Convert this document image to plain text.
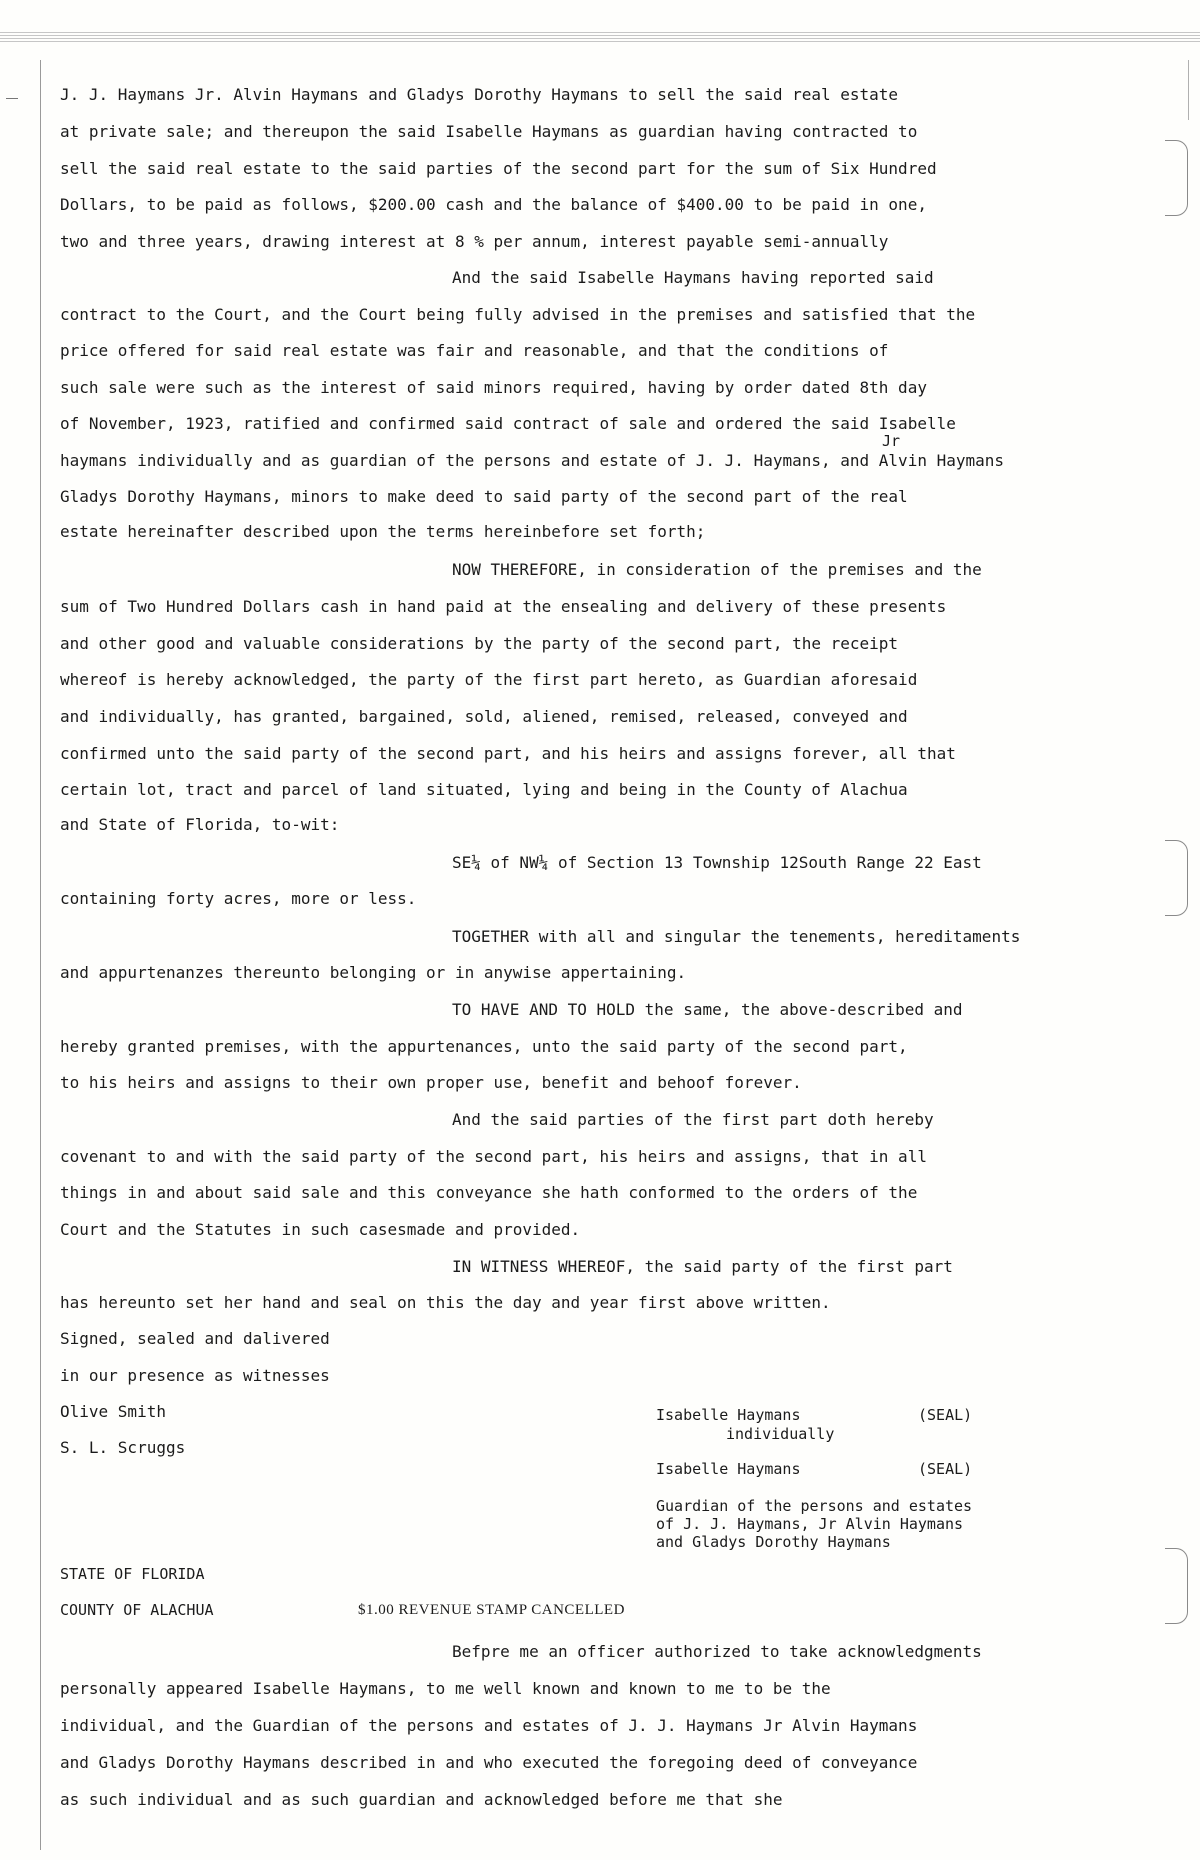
J. J. Haymans Jr. Alvin Haymans and Gladys Dorothy Haymans to sell the said real estate
at private sale; and thereupon the said Isabelle Haymans as guardian having contracted to
sell the said real estate to the said parties of the second part for the sum of Six Hundred
Dollars, to be paid as follows, $200.00 cash and the balance of $400.00 to be paid in one,
two and three years, drawing interest at 8 % per annum, interest payable semi-annually
And the said Isabelle Haymans having reported said
contract to the Court, and the Court being fully advised in the premises and satisfied that the
price offered for said real estate was fair and reasonable, and that the conditions of
such sale were such as the interest of said minors required, having by order dated 8th day
of November, 1923, ratified and confirmed said contract of sale and ordered the said Isabelle
Jr
haymans individually and as guardian of the persons and estate of J. J. Haymans, and Alvin Haymans
Gladys Dorothy Haymans, minors to make deed to said party of the second part of the real
estate hereinafter described upon the terms hereinbefore set forth;
NOW THEREFORE, in consideration of the premises and the
sum of Two Hundred Dollars cash in hand paid at the ensealing and delivery of these presents
and other good and valuable considerations by the party of the second part, the receipt
whereof is hereby acknowledged, the party of the first part hereto, as Guardian aforesaid
and individually, has granted, bargained, sold, aliened, remised, released, conveyed and
confirmed unto the said party of the second part, and his heirs and assigns forever, all that
certain lot, tract and parcel of land situated, lying and being in the County of Alachua
and State of Florida, to-wit:
SE¼ of NW¼ of Section 13 Township 12South Range 22 East
containing forty acres, more or less.
TOGETHER with all and singular the tenements, hereditaments
and appurtenanzes thereunto belonging or in anywise appertaining.
TO HAVE AND TO HOLD the same, the above-described and
hereby granted premises, with the appurtenances, unto the said party of the second part,
to his heirs and assigns to their own proper use, benefit and behoof forever.
And the said parties of the first part doth hereby
covenant to and with the said party of the second part, his heirs and assigns, that in all
things in and about said sale and this conveyance she hath conformed to the orders of the
Court and the Statutes in such casesmade and provided.
IN WITNESS WHEREOF, the said party of the first part
has hereunto set her hand and seal on this the day and year first above written.
Signed, sealed and dalivered
in our presence as witnesses
Olive Smith
S. L. Scruggs
Isabelle Haymans	(SEAL)
individually
Isabelle Haymans	(SEAL)
Guardian of the persons and estates
of J. J. Haymans, Jr Alvin Haymans
and Gladys Dorothy Haymans
STATE OF FLORIDA
COUNTY OF ALACHUA	$1.00 REVENUE STAMP CANCELLED
Befpre me an officer authorized to take acknowledgments
personally appeared Isabelle Haymans, to me well known and known to me to be the
individual, and the Guardian of the persons and estates of J. J. Haymans Jr Alvin Haymans
and Gladys Dorothy Haymans described in and who executed the foregoing deed of conveyance
as such individual and as such guardian and acknowledged before me that she
